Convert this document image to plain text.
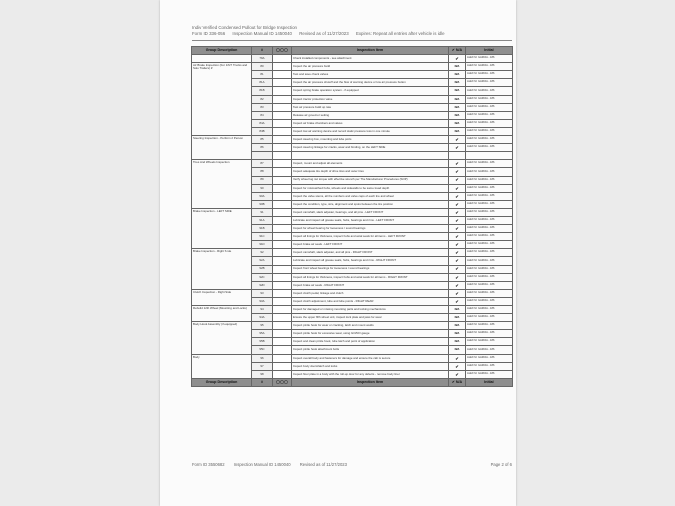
Indiv Verified Condensed Pullout for Bridge Inspection
Form ID 336-056 Inspection Manual ID 1450040 Revised as of 11/27/2023 Expires: Repeat all entries after vehicle is idle
Group Description	#	◯◯◯	Inspection Item	✔ N/A	Initial
	79A		Check installed components - see attachment	✔	ALEX M. GARCIA - 186
Air Brake Inspection (For 1/6/7 Trucks and Solo Trailers) #	80		Inspect the air pressure build	N/A	ALEX M. GARCIA - 186
	81		Test and save check valves	N/A	ALEX M. GARCIA - 186
	81A		Inspect the air pressure shutoff and the flow of warning device or low air pressure button	N/A	ALEX M. GARCIA - 186
	81B		Inspect spring brake operation system - if equipped	N/A	ALEX M. GARCIA - 186
	82		Inspect tractor protection valve	N/A	ALEX M. GARCIA - 186
	83		Test air pressure build up rate	N/A	ALEX M. GARCIA - 186
	84		Release air governor setting	N/A	ALEX M. GARCIA - 186
	84A		Inspect air brake chambers and valves	N/A	ALEX M. GARCIA - 186
	84B		Inspect low air warning device and record static pressure loss in one minute	N/A	ALEX M. GARCIA - 186
Steering Inspection - Perform 2 Person	85		Inspect steering box, mounting and lube ports	✔	ALEX M. GARCIA - 186
	86		Inspect steering linkage for cracks, wear and binding, on the LEFT SIDE	✔	ALEX M. GARCIA - 186

Tires And Wheels Inspection	87		Inspect, mount and adjust all elements	✔	ALEX M. GARCIA - 186
	88		Inspect adequate tire depth of drive tires and outer tires	✔	ALEX M. GARCIA - 186
	89		Verify wheel lug nut torque with effective wrench per The Manufacturer Procedures (SOP)	✔	ALEX M. GARCIA - 186
	90		Inspect for mismatched hubs, wheels and sidewalls to be same tread depth	✔	ALEX M. GARCIA - 186
	90A		Inspect the valve stems, all the numbers and valve caps of each tire and wheel	✔	ALEX M. GARCIA - 186
	90B		Inspect the condition, type, size, alignment and spots between the tire position	✔	ALEX M. GARCIA - 186
Brake Inspection - LEFT SIDE	91		Inspect camshaft, slack adjuster, bearings, and all pins - LEFT FRONT	✔	ALEX M. GARCIA - 186
	91A		Lubricate and inspect all grease seals, hubs, bearings and rims - LEFT FRONT	✔	ALEX M. GARCIA - 186
	91B		Inspect for wheel bearing for looseness / sound bearings	✔	ALEX M. GARCIA - 186
	91C		Inspect all linings for thickness, inspect hubs and axial seals for all items - LEFT FRONT	✔	ALEX M. GARCIA - 186
	91D		Inspect brake air seals - LEFT FRONT	✔	ALEX M. GARCIA - 186
Brake Inspection - Right S ide	92		Inspect camshaft, slack adjuster, and all pins - RIGHT FRONT	✔	ALEX M. GARCIA - 186
	92A		Lubricate and inspect all grease seals, hubs, bearings and rims - RIGHT FRONT	✔	ALEX M. GARCIA - 186
	92B		Inspect front wheel bearings for looseness / sound bearings	✔	ALEX M. GARCIA - 186
	92C		Inspect all linings for thickness, inspect hubs and axial seals for all items - RIGHT FRONT	✔	ALEX M. GARCIA - 186
	92D		Inspect brake air seals - RIGHT FRONT	✔	ALEX M. GARCIA - 186
Clutch Inspection - Right Side	93		Inspect clutch pedal, linkage and clutch	✔	ALEX M. GARCIA - 186
	93A		Inspect clutch adjustment, lube and lube points - RIGHT REAR	✔	ALEX M. GARCIA - 186
Rebuild 12th Wheel (Mounting and Locks)	94		Inspect for damaged or missing mounting parts and locking mechanisms	N/A	ALEX M. GARCIA - 186
	94A		Ensure the upper fifth wheel unit, inspect lock plate and jaws for wear	N/A	ALEX M. GARCIA - 186
Body Hook Assembly (if equipped)	95		Inspect pintle hook for wear or cracking, latch and mount welds	N/A	ALEX M. GARCIA - 186
	95A		Inspect pintle hook for excessive wear, using GO/NO gauge	N/A	ALEX M. GARCIA - 186
	95B		Inspect and clean pintle hook, lube latch and point of application	N/A	ALEX M. GARCIA - 186
	95C		Inspect pintle hook attachment bolts	N/A	ALEX M. GARCIA - 186
Body	96		Inspect overall body and fasteners for damage and ensure the cab is secure	✔	ALEX M. GARCIA - 186
	97		Inspect body doors/latch and locks	✔	ALEX M. GARCIA - 186
	98		Inspect floor plate in a body with the roll-up door for any defects - remove body liner	✔	ALEX M. GARCIA - 186
Group Description	#	◯◯◯	Inspection Item	✔ N/A	Initial
Form ID 3550682 Inspection Manual ID 1450040 Revised as of 11/27/2023	Page 2 of 6
